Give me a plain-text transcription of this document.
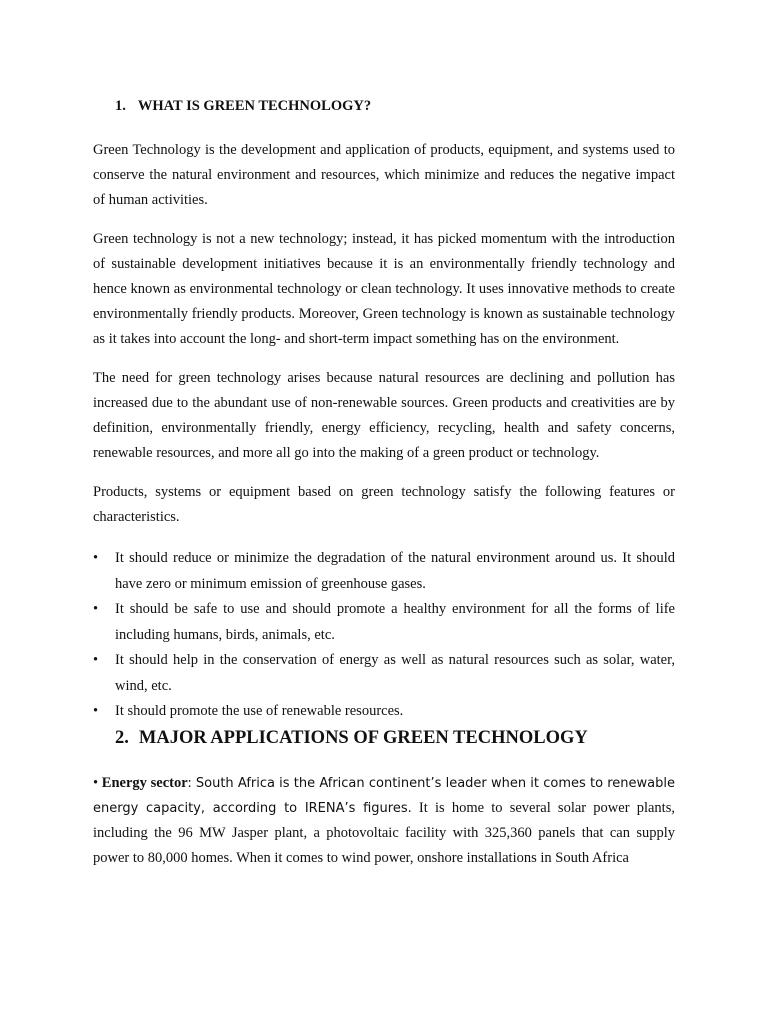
1. WHAT IS GREEN TECHNOLOGY?

Green Technology is the development and application of products, equipment, and systems used to conserve the natural environment and resources, which minimize and reduces the negative impact of human activities.

Green technology is not a new technology; instead, it has picked momentum with the introduction of sustainable development initiatives because it is an environmentally friendly technology and hence known as environmental technology or clean technology. It uses innovative methods to create environmentally friendly products. Moreover, Green technology is known as sustainable technology as it takes into account the long- and short-term impact something has on the environment.

The need for green technology arises because natural resources are declining and pollution has increased due to the abundant use of non-renewable sources. Green products and creativities are by definition, environmentally friendly, energy efficiency, recycling, health and safety concerns, renewable resources, and more all go into the making of a green product or technology.

Products, systems or equipment based on green technology satisfy the following features or characteristics.

• It should reduce or minimize the degradation of the natural environment around us. It should have zero or minimum emission of greenhouse gases.
• It should be safe to use and should promote a healthy environment for all the forms of life including humans, birds, animals, etc.
• It should help in the conservation of energy as well as natural resources such as solar, water, wind, etc.
• It should promote the use of renewable resources.
2. MAJOR APPLICATIONS OF GREEN TECHNOLOGY

• Energy sector: South Africa is the African continent’s leader when it comes to renewable energy capacity, according to IRENA’s figures. It is home to several solar power plants, including the 96 MW Jasper plant, a photovoltaic facility with 325,360 panels that can supply power to 80,000 homes. When it comes to wind power, onshore installations in South Africa
